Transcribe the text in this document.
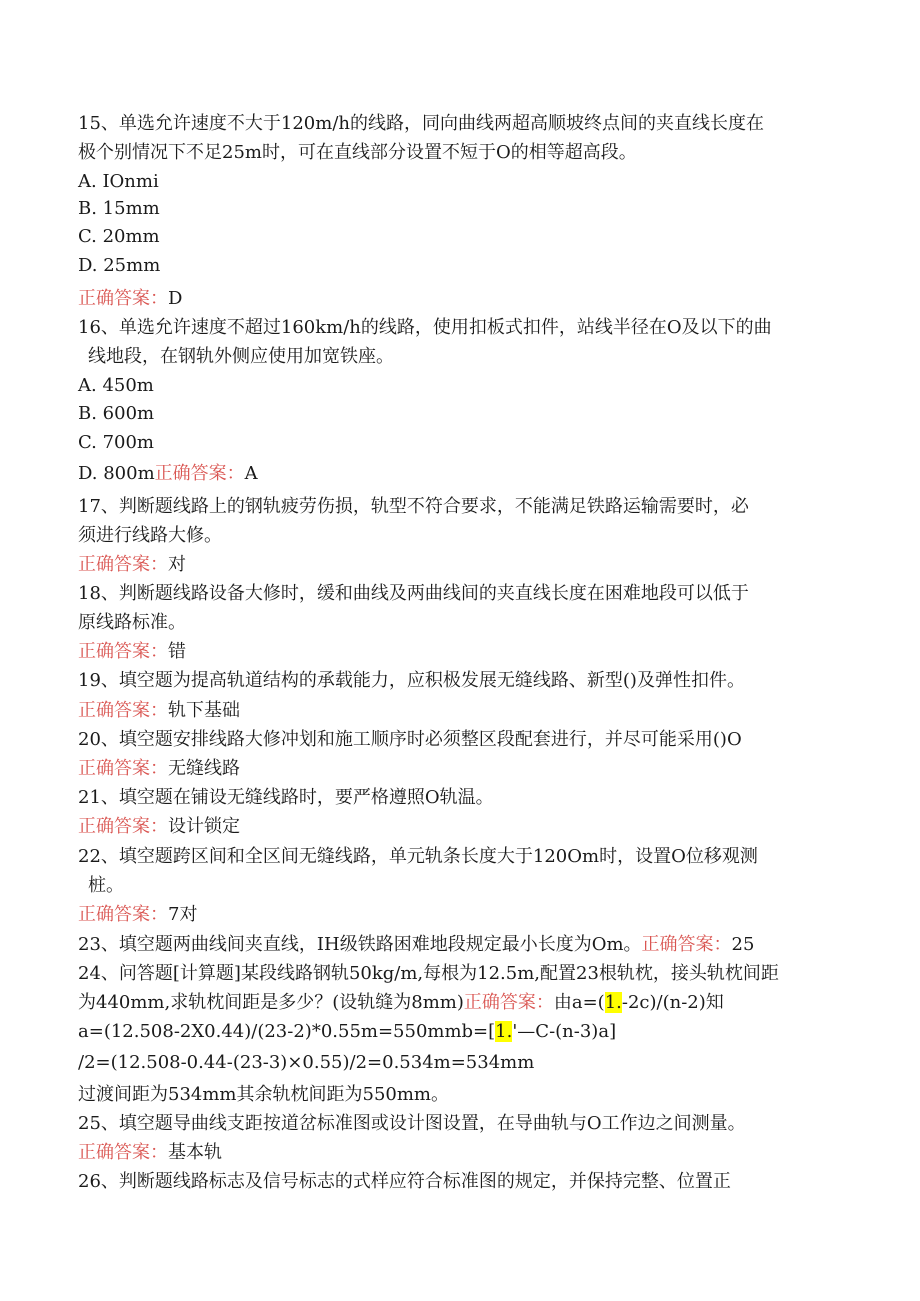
15、单选允许速度不大于120m/h的线路，同向曲线两超高顺坡终点间的夹直线长度在
极个别情况下不足25m时，可在直线部分设置不短于O的相等超高段。
A. IOnmi
B. 15mm
C. 20mm
D. 25mm
正确答案：D
16、单选允许速度不超过160km/h的线路，使用扣板式扣件，站线半径在O及以下的曲
线地段，在钢轨外侧应使用加宽铁座。
A. 450m
B. 600m
C. 700m
D. 800m正确答案：A
17、判断题线路上的钢轨疲劳伤损，轨型不符合要求，不能满足铁路运输需要时，必
须进行线路大修。
正确答案：对
18、判断题线路设备大修时，缓和曲线及两曲线间的夹直线长度在困难地段可以低于
原线路标准。
正确答案：错
19、填空题为提高轨道结构的承载能力，应积极发展无缝线路、新型()及弹性扣件。
正确答案：轨下基础
20、填空题安排线路大修冲划和施工顺序时必须整区段配套进行，并尽可能采用()O
正确答案：无缝线路
21、填空题在铺设无缝线路时，要严格遵照O轨温。
正确答案：设计锁定
22、填空题跨区间和全区间无缝线路，单元轨条长度大于120Om时，设置O位移观测
桩。
正确答案：7对
23、填空题两曲线间夹直线，IH级铁路困难地段规定最小长度为Om。正确答案：25
24、问答题[计算题]某段线路钢轨50kg/m,每根为12.5m,配置23根轨枕，接头轨枕间距
为440mm,求轨枕间距是多少？(设轨缝为8mm)正确答案：由a=(1.-2c)/(n-2)知
a=(12.508-2X0.44)/(23-2)*0.55m=550mmb=[1.'—C-(n-3)a]
/2=(12.508-0.44-(23-3)×0.55)/2=0.534m=534mm
过渡间距为534mm其余轨枕间距为550mm。
25、填空题导曲线支距按道岔标准图或设计图设置，在导曲轨与O工作边之间测量。
正确答案：基本轨
26、判断题线路标志及信号标志的式样应符合标准图的规定，并保持完整、位置正
